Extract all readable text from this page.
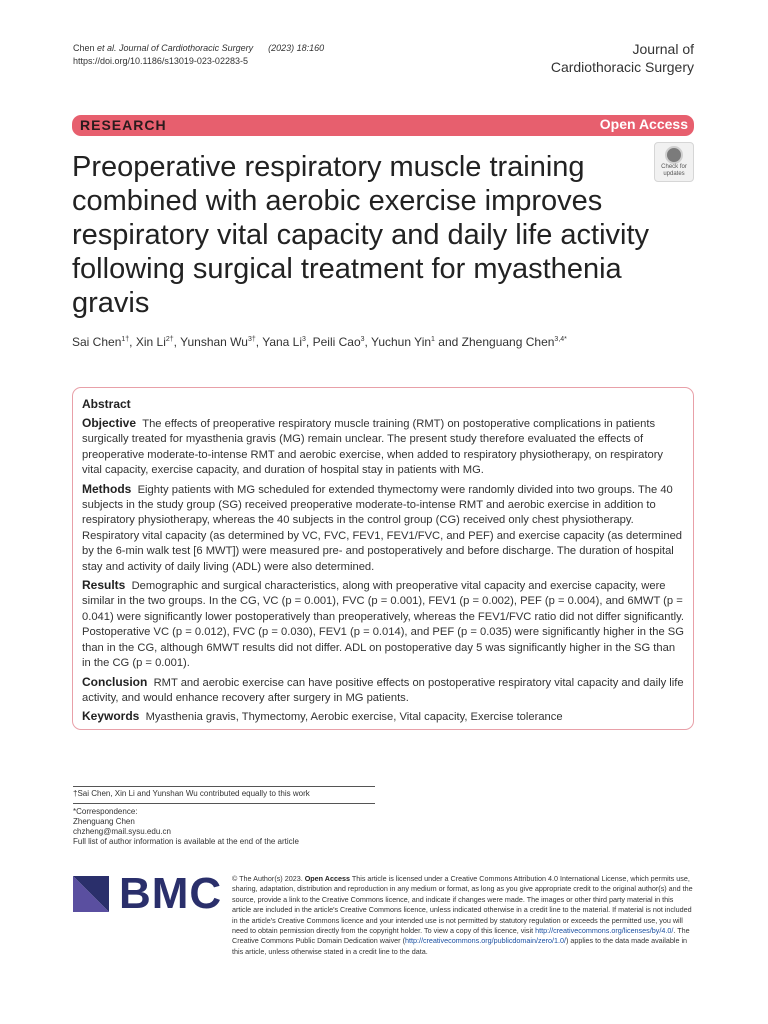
Chen et al. Journal of Cardiothoracic Surgery (2023) 18:160
https://doi.org/10.1186/s13019-023-02283-5
Journal of
Cardiothoracic Surgery
RESEARCH	Open Access
Check for
updates
Preoperative respiratory muscle training combined with aerobic exercise improves respiratory vital capacity and daily life activity following surgical treatment for myasthenia gravis
Sai Chen$^{1\dagger}$, Xin $Li^{2\dagger}$, Yunshan $Wu^{3\dagger}$, Yana Li$^3$, Peili Cao$^3$, Yuchun Yin$^1$ and Zhenguang Chen$^{3,4*}$
Abstract
Objective The effects of preoperative respiratory muscle training (RMT) on postoperative complications in patients surgically treated for myasthenia gravis (MG) remain unclear. The present study therefore evaluated the effects of preoperative moderate-to-intense RMT and aerobic exercise, when added to respiratory physiotherapy, on respiratory vital capacity, exercise capacity, and duration of hospital stay in patients with MG.
Methods Eighty patients with MG scheduled for extended thymectomy were randomly divided into two groups. The 40 subjects in the study group (SG) received preoperative moderate-to-intense RMT and aerobic exercise in addition to respiratory physiotherapy, whereas the 40 subjects in the control group (CG) received only chest physiotherapy. Respiratory vital capacity (as determined by VC, FVC, FEV1, FEV1/FVC, and PEF) and exercise capacity (as determined by the 6-min walk test [6 MWT]) were measured pre- and postoperatively and before discharge. The duration of hospital stay and activity of daily living (ADL) were also determined.
Results Demographic and surgical characteristics, along with preoperative vital capacity and exercise capacity, were similar in the two groups. In the CG, VC (p = 0.001), FVC (p = 0.001), FEV1 (p = 0.002), PEF (p = 0.004), and 6MWT (p = 0.041) were significantly lower postoperatively than preoperatively, whereas the FEV1/FVC ratio did not differ significantly. Postoperative VC (p = 0.012), FVC (p = 0.030), FEV1 (p = 0.014), and PEF (p = 0.035) were significantly higher in the SG than in the CG, although 6MWT results did not differ. ADL on postoperative day 5 was significantly higher in the SG than in the CG (p = 0.001).
Conclusion RMT and aerobic exercise can have positive effects on postoperative respiratory vital capacity and daily life activity, and would enhance recovery after surgery in MG patients.
Keywords Myasthenia gravis, Thymectomy, Aerobic exercise, Vital capacity, Exercise tolerance
†Sai Chen, Xin Li and Yunshan Wu contributed equally to this work
*Correspondence:
Zhenguang Chen
chzheng@mail.sysu.edu.cn
Full list of author information is available at the end of the article
BMC © The Author(s) 2023. Open Access This article is licensed under a Creative Commons Attribution 4.0 International License, which permits use, sharing, adaptation, distribution and reproduction in any medium or format, as long as you give appropriate credit to the original author(s) and the source, provide a link to the Creative Commons licence, and indicate if changes were made. The images or other third party material in this article are included in the article's Creative Commons licence, unless indicated otherwise in a credit line to the material. If material is not included in the article's Creative Commons licence and your intended use is not permitted by statutory regulation or exceeds the permitted use, you will need to obtain permission directly from the copyright holder. To view a copy of this licence, visit http://creativecommons.org/licenses/by/4.0/. The Creative Commons Public Domain Dedication waiver (http://creativecommons.org/publicdomain/zero/1.0/) applies to the data made available in this article, unless otherwise stated in a credit line to the data.
